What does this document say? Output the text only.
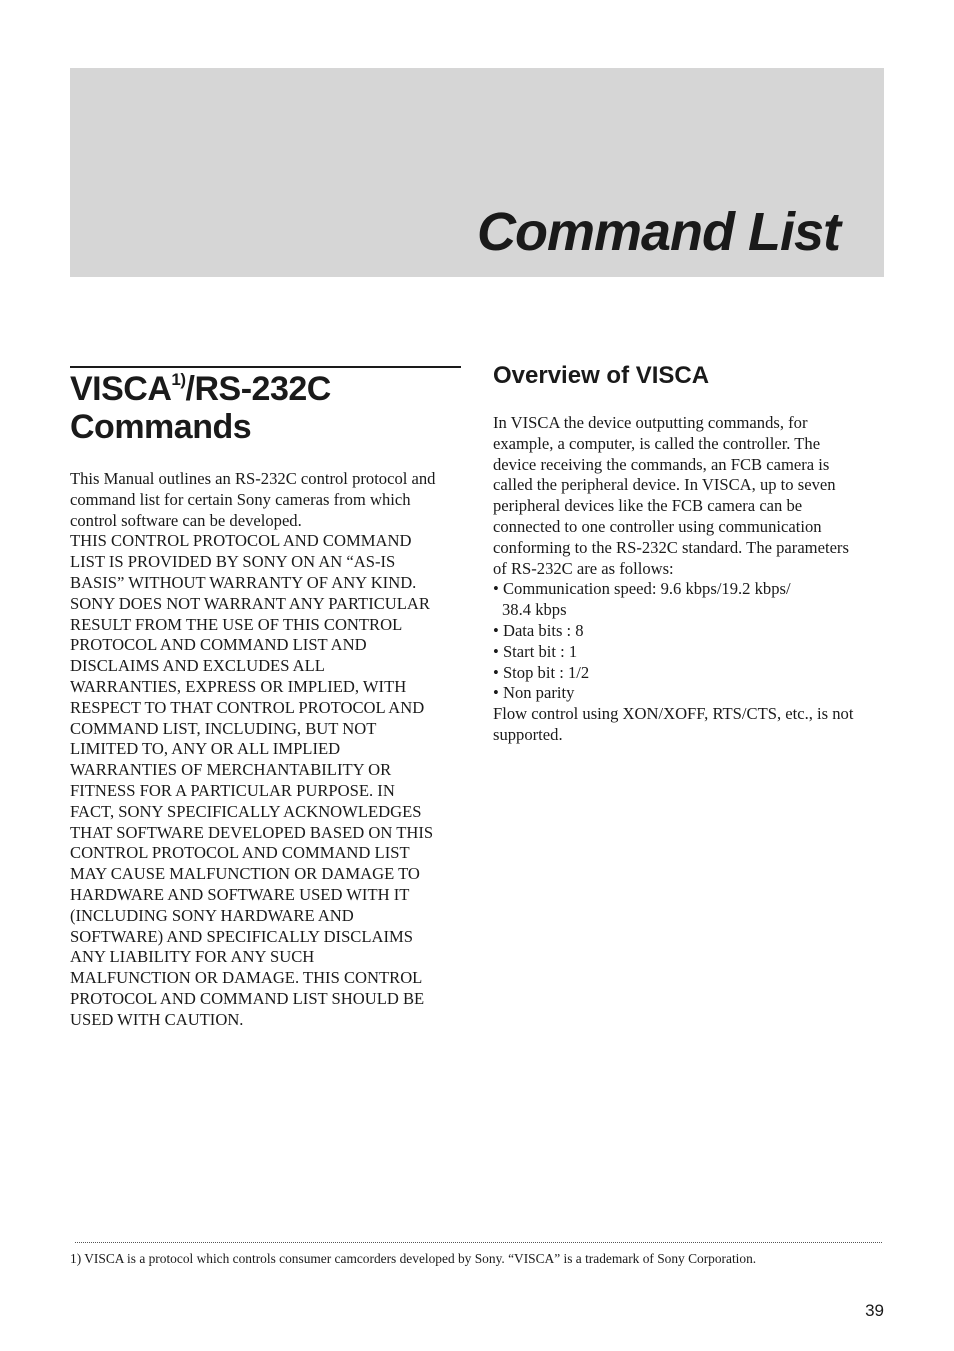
Command List
VISCA$^{1)}$/RS-232C
Commands

This Manual outlines an RS-232C control protocol and
command list for certain Sony cameras from which
control software can be developed.
THIS CONTROL PROTOCOL AND COMMAND
LIST IS PROVIDED BY SONY ON AN “AS-IS
BASIS” WITHOUT WARRANTY OF ANY KIND.
SONY DOES NOT WARRANT ANY PARTICULAR
RESULT FROM THE USE OF THIS CONTROL
PROTOCOL AND COMMAND LIST AND
DISCLAIMS AND EXCLUDES ALL
WARRANTIES, EXPRESS OR IMPLIED, WITH
RESPECT TO THAT CONTROL PROTOCOL AND
COMMAND LIST, INCLUDING, BUT NOT
LIMITED TO, ANY OR ALL IMPLIED
WARRANTIES OF MERCHANTABILITY OR
FITNESS FOR A PARTICULAR PURPOSE. IN
FACT, SONY SPECIFICALLY ACKNOWLEDGES
THAT SOFTWARE DEVELOPED BASED ON THIS
CONTROL PROTOCOL AND COMMAND LIST
MAY CAUSE MALFUNCTION OR DAMAGE TO
HARDWARE AND SOFTWARE USED WITH IT
(INCLUDING SONY HARDWARE AND
SOFTWARE) AND SPECIFICALLY DISCLAIMS
ANY LIABILITY FOR ANY SUCH
MALFUNCTION OR DAMAGE. THIS CONTROL
PROTOCOL AND COMMAND LIST SHOULD BE
USED WITH CAUTION.

Overview of VISCA
In VISCA the device outputting commands, for
example, a computer, is called the controller. The
device receiving the commands, an FCB camera is
called the peripheral device. In VISCA, up to seven
peripheral devices like the FCB camera can be
connected to one controller using communication
conforming to the RS-232C standard. The parameters
of RS-232C are as follows:
• Communication speed: 9.6 kbps/19.2 kbps/
38.4 kbps
• Data bits : 8
• Start bit : 1
• Stop bit : 1/2
• Non parity
Flow control using XON/XOFF, RTS/CTS, etc., is not
supported.

1) VISCA is a protocol which controls consumer camcorders developed by Sony. “VISCA” is a trademark of Sony Corporation.

39
